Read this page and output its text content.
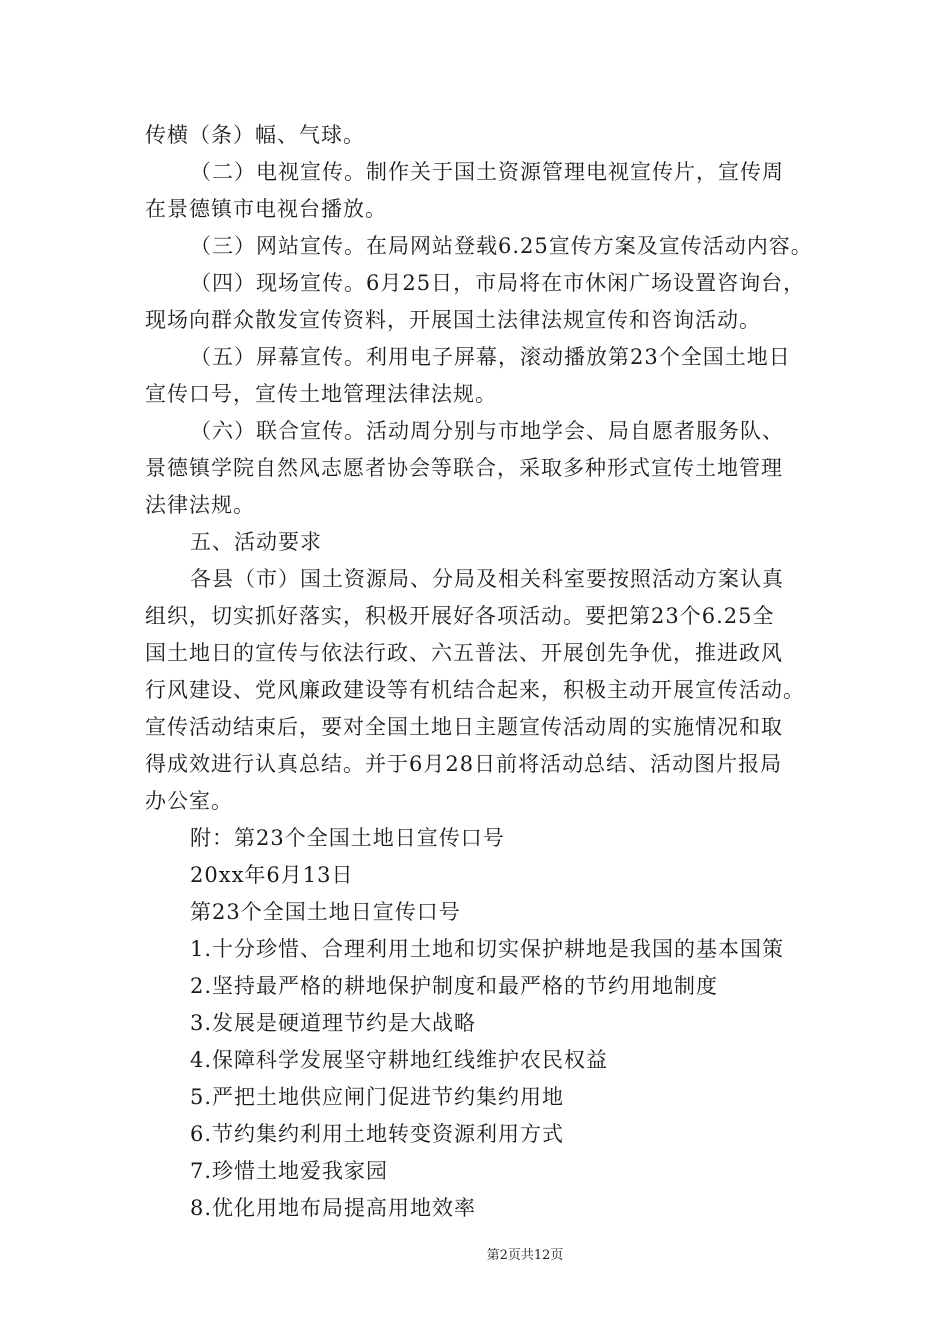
传横（条）幅、气球。
（二）电视宣传。制作关于国土资源管理电视宣传片，宣传周
在景德镇市电视台播放。
（三）网站宣传。在局网站登载6.25宣传方案及宣传活动内容。
（四）现场宣传。6月25日，市局将在市休闲广场设置咨询台，
现场向群众散发宣传资料，开展国土法律法规宣传和咨询活动。
（五）屏幕宣传。利用电子屏幕，滚动播放第23个全国土地日
宣传口号，宣传土地管理法律法规。
（六）联合宣传。活动周分别与市地学会、局自愿者服务队、
景德镇学院自然风志愿者协会等联合，采取多种形式宣传土地管理
法律法规。
五、活动要求
各县（市）国土资源局、分局及相关科室要按照活动方案认真
组织，切实抓好落实，积极开展好各项活动。要把第23个6.25全
国土地日的宣传与依法行政、六五普法、开展创先争优，推进政风
行风建设、党风廉政建设等有机结合起来，积极主动开展宣传活动。
宣传活动结束后，要对全国土地日主题宣传活动周的实施情况和取
得成效进行认真总结。并于6月28日前将活动总结、活动图片报局
办公室。
附：第23个全国土地日宣传口号
20xx年6月13日
第23个全国土地日宣传口号
1.十分珍惜、合理利用土地和切实保护耕地是我国的基本国策
2.坚持最严格的耕地保护制度和最严格的节约用地制度
3.发展是硬道理节约是大战略
4.保障科学发展坚守耕地红线维护农民权益
5.严把土地供应闸门促进节约集约用地
6.节约集约利用土地转变资源利用方式
7.珍惜土地爱我家园
8.优化用地布局提高用地效率
第2页共12页
